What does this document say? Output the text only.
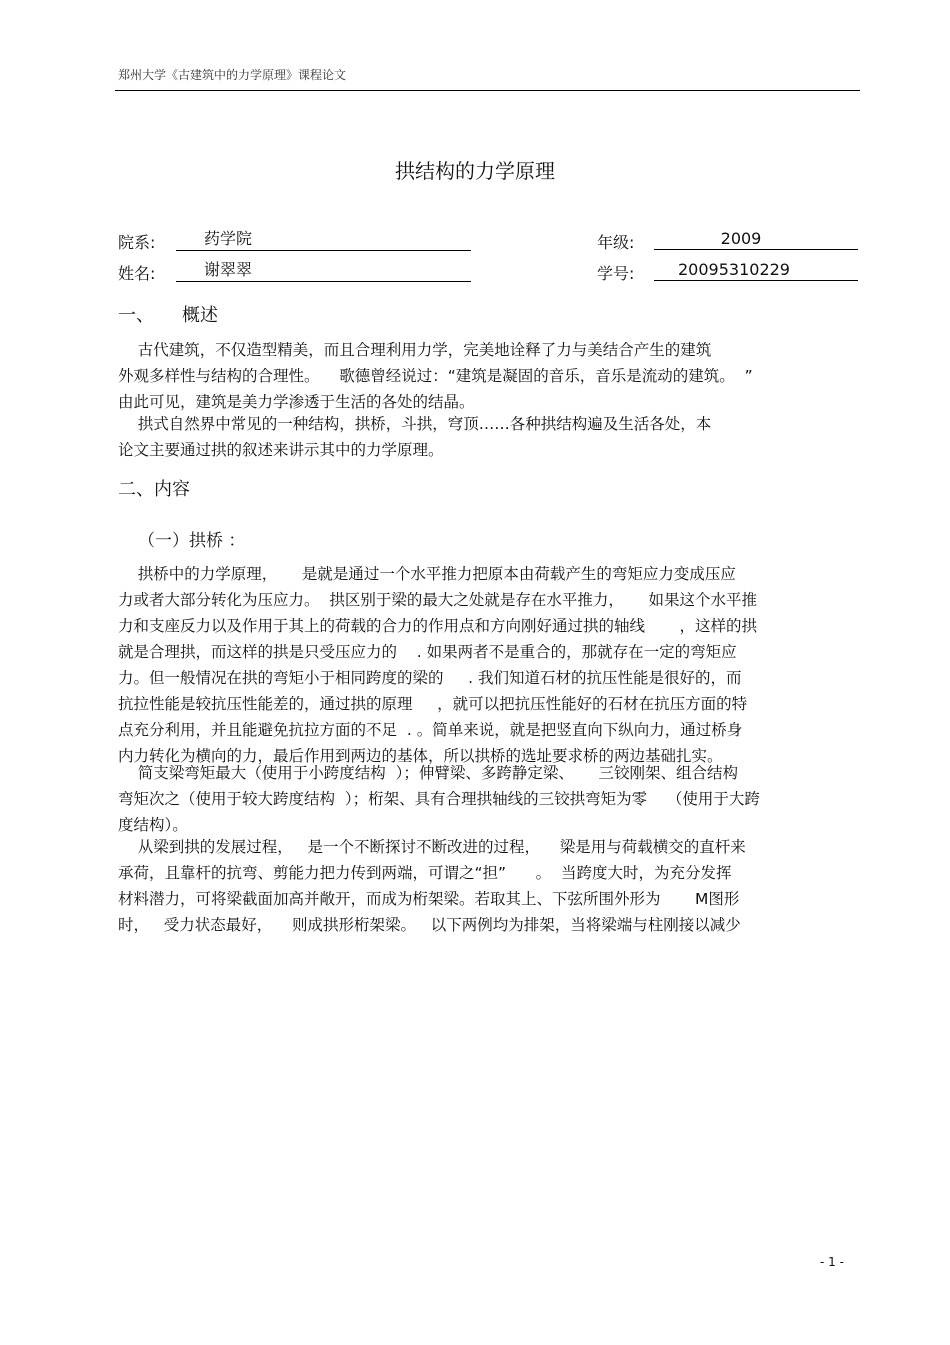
郑州大学《古建筑中的力学原理》课程论文
拱结构的力学原理
院系:	药学院
姓名:	谢翠翠
年级:	2009
学号:	20095310229
一、 概述
古代建筑，不仅造型精美，而且合理利用力学，完美地诠释了力与美结合产生的建筑
外观多样性与结构的合理性。    歌德曾经说过：“建筑是凝固的音乐，音乐是流动的建筑。  ”
由此可见，建筑是美力学渗透于生活的各处的结晶。
拱式自然界中常见的一种结构，拱桥，斗拱，穹顶……各种拱结构遍及生活各处，本
论文主要通过拱的叙述来讲示其中的力学原理。
二、内容
（一）拱桥 ：
拱桥中的力学原理，     是就是通过一个水平推力把原本由荷载产生的弯矩应力变成压应
力或者大部分转化为压应力。  拱区别于梁的最大之处就是存在水平推力，     如果这个水平推
力和支座反力以及作用于其上的荷载的合力的作用点和方向刚好通过拱的轴线       ，这样的拱
就是合理拱，而这样的拱是只受压应力的    . 如果两者不是重合的，那就存在一定的弯矩应
力。但一般情况在拱的弯矩小于相同跨度的梁的     . 我们知道石材的抗压性能是很好的，而
抗拉性能是较抗压性能差的，通过拱的原理     ，就可以把抗压性能好的石材在抗压方面的特
点充分利用，并且能避免抗拉方面的不足  . 。简单来说，就是把竖直向下纵向力，通过桥身
内力转化为横向的力，最后作用到两边的基体，所以拱桥的选址要求桥的两边基础扎实。
简支梁弯矩最大（使用于小跨度结构  ）；伸臂梁、多跨静定梁、     三铰刚架、组合结构
弯矩次之（使用于较大跨度结构  ）；桁架、具有合理拱轴线的三铰拱弯矩为零    （使用于大跨
度结构）。
从梁到拱的发展过程，   是一个不断探讨不断改进的过程，    梁是用与荷载横交的直杆来
承荷，且靠杆的抗弯、剪能力把力传到两端，可谓之“担”      。  当跨度大时，为充分发挥
材料潜力，可将梁截面加高并敞开，而成为桁架梁。若取其上、下弦所围外形为       M图形
时，   受力状态最好，    则成拱形桁架梁。   以下两例均为排架，当将梁端与柱刚接以减少
- 1 -
